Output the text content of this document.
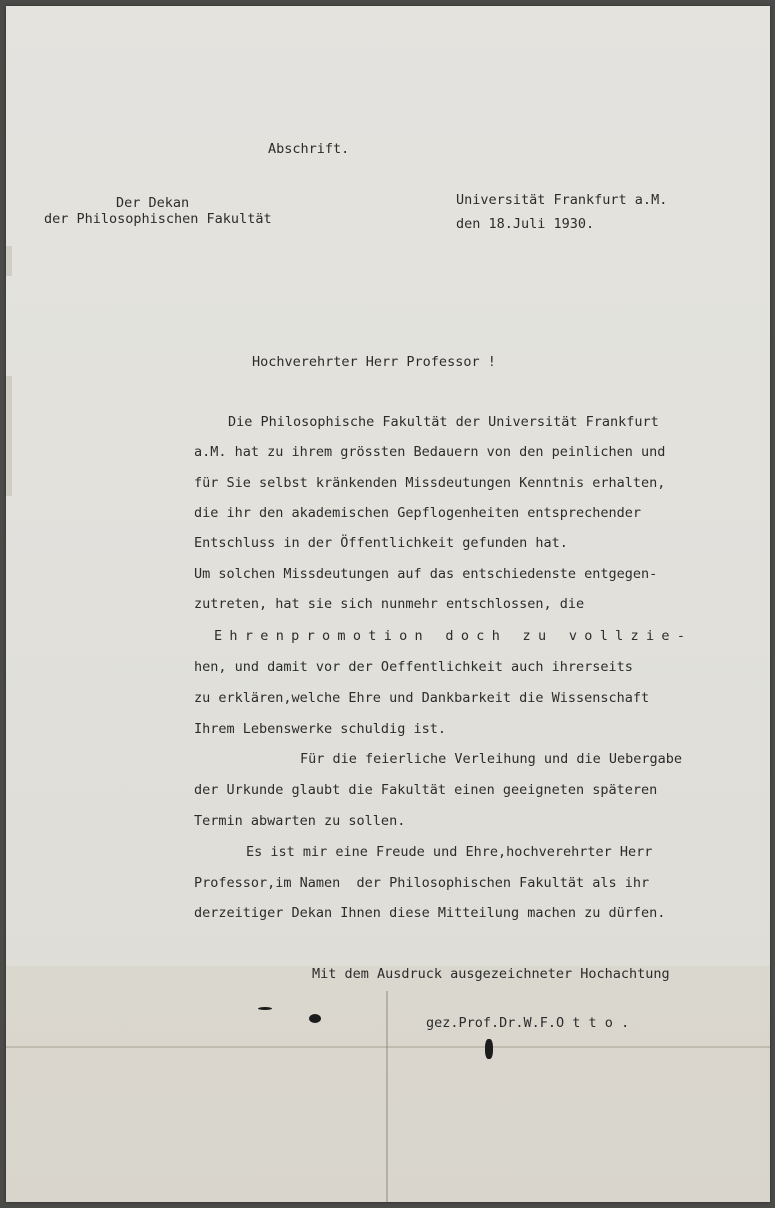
Abschrift.

Der Dekan

der Philosophischen Fakultät

Universität Frankfurt a.M.

den 18.Juli 1930.

Hochverehrter Herr Professor !

Die Philosophische Fakultät der Universität Frankfurt

a.M. hat zu ihrem grössten Bedauern von den peinlichen und

für Sie selbst kränkenden Missdeutungen Kenntnis erhalten,

die ihr den akademischen Gepflogenheiten entsprechender

Entschluss in der Öffentlichkeit gefunden hat.

Um solchen Missdeutungen auf das entschiedenste entgegen-

zutreten, hat sie sich nunmehr entschlossen, die

Ehrenpromotion doch zu vollzie-

hen, und damit vor der Oeffentlichkeit auch ihrerseits

zu erklären,welche Ehre und Dankbarkeit die Wissenschaft

Ihrem Lebenswerke schuldig ist.

Für die feierliche Verleihung und die Uebergabe

der Urkunde glaubt die Fakultät einen geeigneten späteren

Termin abwarten zu sollen.

Es ist mir eine Freude und Ehre,hochverehrter Herr

Professor,im Namen  der Philosophischen Fakultät als ihr

derzeitiger Dekan Ihnen diese Mitteilung machen zu dürfen.

Mit dem Ausdruck ausgezeichneter Hochachtung

gez.Prof.Dr.W.F.O t t o .
